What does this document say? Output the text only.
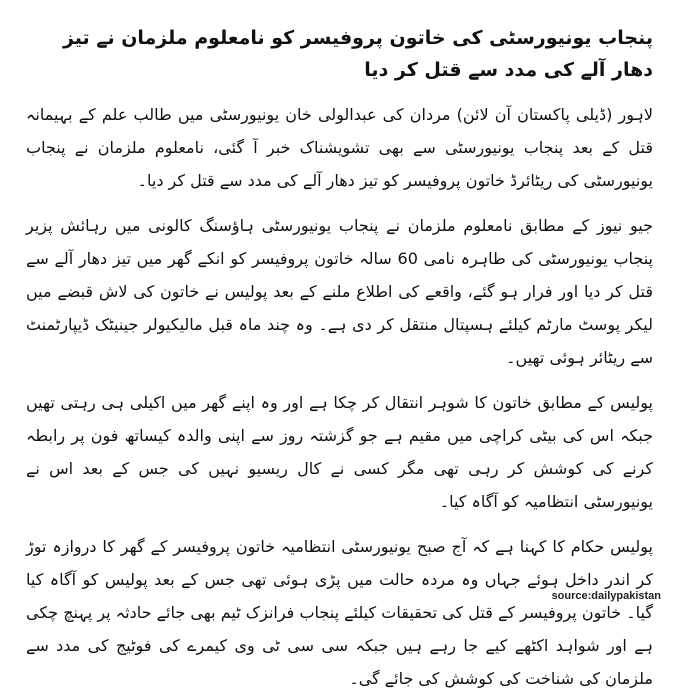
پنجاب یونیورسٹی کی خاتون پروفیسر کو نامعلوم ملزمان نے تیز دھار آلے کی مدد سے قتل کر دیا

لاہور (ڈیلی پاکستان آن لائن) مردان کی عبدالولی خان یونیورسٹی میں طالب علم کے بہیمانہ قتل کے بعد پنجاب یونیورسٹی سے بھی تشویشناک خبر آ گئی، نامعلوم ملزمان نے پنجاب یونیورسٹی کی ریٹائرڈ خاتون پروفیسر کو تیز دھار آلے کی مدد سے قتل کر دیا۔

جیو نیوز کے مطابق نامعلوم ملزمان نے پنجاب یونیورسٹی ہاؤسنگ کالونی میں رہائش پزیر پنجاب یونیورسٹی کی طاہرہ نامی 60 سالہ خاتون پروفیسر کو انکے گھر میں تیز دھار آلے سے قتل کر دیا اور فرار ہو گئے، واقعے کی اطلاع ملنے کے بعد پولیس نے خاتون کی لاش قبضے میں لیکر پوسٹ مارٹم کیلئے ہسپتال منتقل کر دی ہے۔ وہ چند ماہ قبل مالیکیولر جینیٹک ڈیپارٹمنٹ سے ریٹائر ہوئی تھیں۔

پولیس کے مطابق خاتون کا شوہر انتقال کر چکا ہے اور وہ اپنے گھر میں اکیلی ہی رہتی تھیں جبکہ اس کی بیٹی کراچی میں مقیم ہے جو گزشتہ روز سے اپنی والدہ کیساتھ فون پر رابطہ کرنے کی کوشش کر رہی تھی مگر کسی نے کال ریسیو نہیں کی جس کے بعد اس نے یونیورسٹی انتظامیہ کو آگاہ کیا۔

پولیس حکام کا کہنا ہے کہ آج صبح یونیورسٹی انتظامیہ خاتون پروفیسر کے گھر کا دروازہ توڑ کر اندر داخل ہوئے جہاں وہ مردہ حالت میں پڑی ہوئی تھی جس کے بعد پولیس کو آگاہ کیا گیا۔ خاتون پروفیسر کے قتل کی تحقیقات کیلئے پنجاب فرانزک ٹیم بھی جائے حادثہ پر پہنچ چکی ہے اور شواہد اکٹھے کیے جا رہے ہیں جبکہ سی سی ٹی وی کیمرے کی فوٹیج کی مدد سے ملزمان کی شناخت کی کوشش کی جائے گی۔

source:dailypakistan
